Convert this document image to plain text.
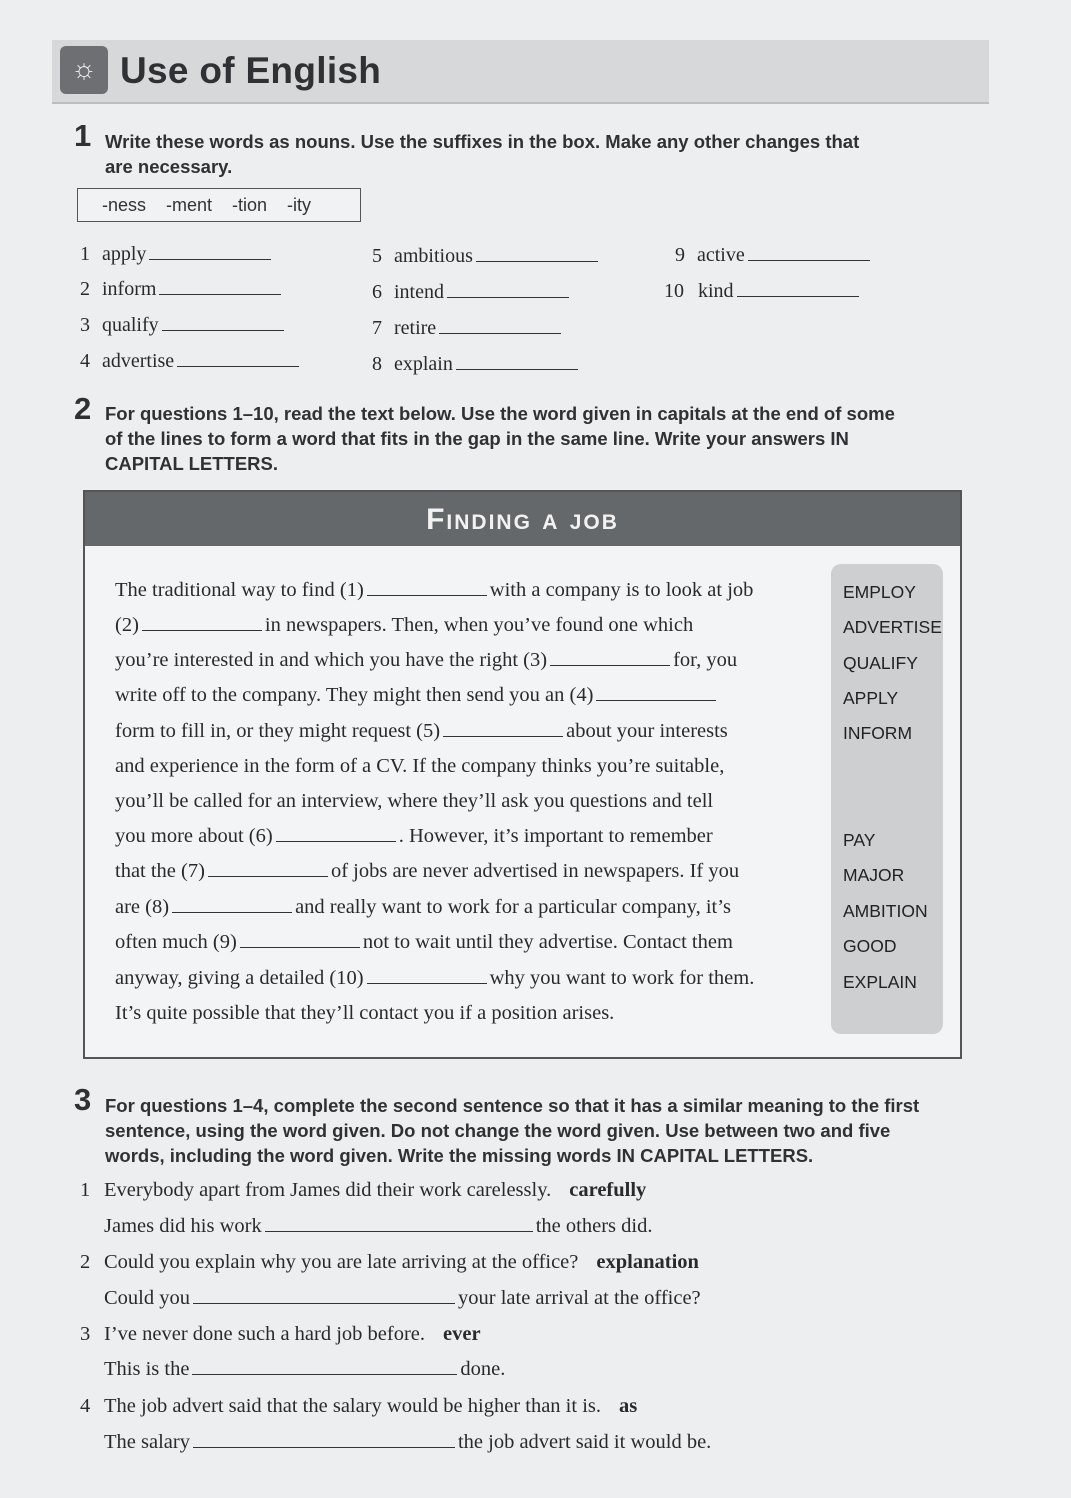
☼ Use of English
1 Write these words as nouns. Use the suffixes in the box. Make any other changes that
are necessary.
-ness -ment -tion -ity
1 apply
2 inform
3 qualify
4 advertise
5 ambitious
6 intend
7 retire
8 explain
9 active
10 kind
2 For questions 1–10, read the text below. Use the word given in capitals at the end of some
of the lines to form a word that fits in the gap in the same line. Write your answers IN
CAPITAL LETTERS.
Finding a job
The traditional way to find (1)	with a company is to look at job	EMPLOY
(2)	in newspapers. Then, when you’ve found one which	ADVERTISE
you’re interested in and which you have the right (3)	for, you	QUALIFY
write off to the company. They might then send you an (4)	APPLY
form to fill in, or they might request (5)	about your interests	INFORM
and experience in the form of a CV. If the company thinks you’re suitable,
you’ll be called for an interview, where they’ll ask you questions and tell
you more about (6)	. However, it’s important to remember	PAY
that the (7)	of jobs are never advertised in newspapers. If you	MAJOR
are (8)	and really want to work for a particular company, it’s	AMBITION
often much (9)	not to wait until they advertise. Contact them	GOOD
anyway, giving a detailed (10)	why you want to work for them.	EXPLAIN
It’s quite possible that they’ll contact you if a position arises.
3 For questions 1–4, complete the second sentence so that it has a similar meaning to the first
sentence, using the word given. Do not change the word given. Use between two and five
words, including the word given. Write the missing words IN CAPITAL LETTERS.
1 Everybody apart from James did their work carelessly. carefully
James did his work	the others did.
2 Could you explain why you are late arriving at the office? explanation
Could you	your late arrival at the office?
3 I’ve never done such a hard job before. ever
This is the	done.
4 The job advert said that the salary would be higher than it is. as
The salary	the job advert said it would be.
